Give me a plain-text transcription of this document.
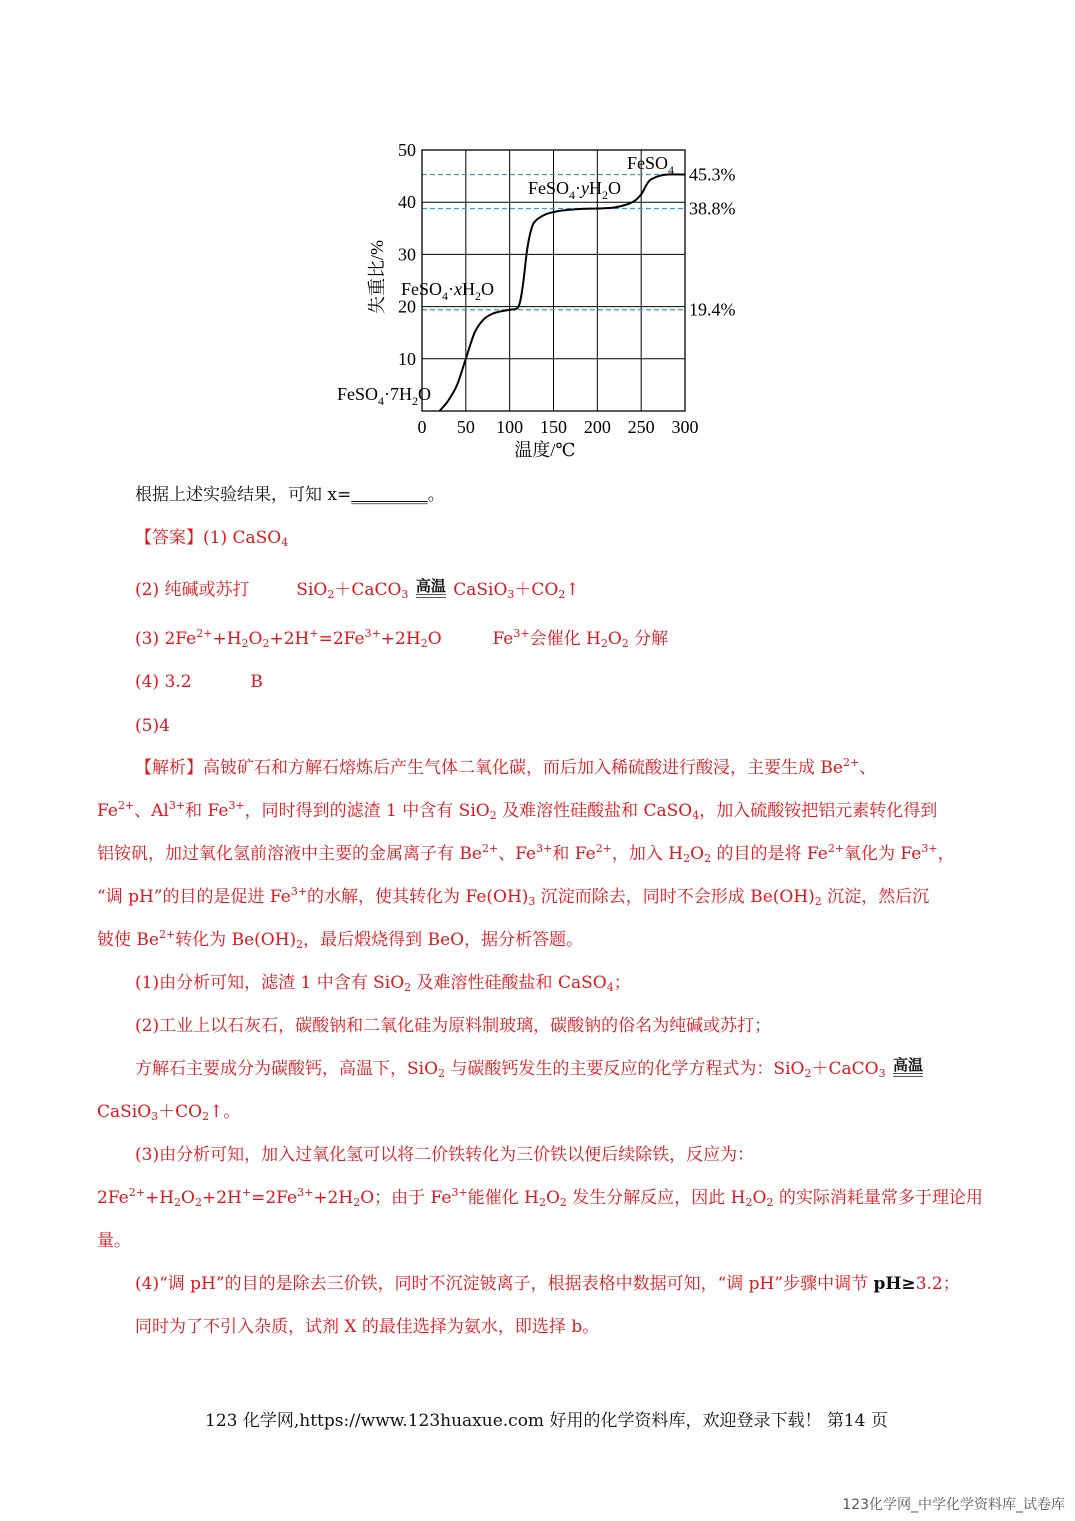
0 50 100 150 200 250 300
10
20
30
40
50
温度/℃
失重比/%
45.3%
38.8%
19.4%
FeSO$_4$
$FeSO_4\cdot yH_2O$
$FeSO_4\cdot xH_2O$
$FeSO_4\cdot 7H_2O$
根据上述实验结果，可知 x=_________。
【答案】(1) CaSO$_4$
(2) 纯碱或苏打	SiO$_2$＋CaCO$_3$ 高温 $CaSiO_3+CO_2↑$
(3) $2Fe^{2+}+H_2O_2+2H^+=2Fe^{3+}+2H_2O$	$Fe^{3+}$会催化 $H_2O_2$ 分解
(4) 3.2	B
(5)4
【解析】高铍矿石和方解石熔炼后产生气体二氧化碳，而后加入稀硫酸进行酸浸，主要生成 $Be^{2+}$、
$Fe^{2+}$、$Al^{3+}$和 $Fe^{3+}$，同时得到的滤渣 1 中含有 SiO$_2$ 及难溶性硅酸盐和 CaSO$_4$，加入硫酸铵把铝元素转化得到
铝铵矾，加过氧化氢前溶液中主要的金属离子有 $Be^{2+}$、$Fe^{3+}$和 $Fe^{2+}$，加入 $H_2O_2$ 的目的是将 $Fe^{2+}$氧化为 $Fe^{3+}$，
“调 pH”的目的是促进 $Fe^{3+}$的水解，使其转化为 $Fe(OH)_3$ 沉淀而除去，同时不会形成 $Be(OH)_2$ 沉淀，然后沉
铍使 $Be^{2+}$转化为 $Be(OH)_2$，最后煅烧得到 BeO，据分析答题。
(1)由分析可知，滤渣 1 中含有 SiO$_2$ 及难溶性硅酸盐和 CaSO$_4$；
(2)工业上以石灰石，碳酸钠和二氧化硅为原料制玻璃，碳酸钠的俗名为纯碱或苏打；
方解石主要成分为碳酸钙，高温下，SiO$_2$ 与碳酸钙发生的主要反应的化学方程式为：SiO$_2$＋CaCO$_3$ 高温
$CaSiO_3+CO_2↑$。
(3)由分析可知，加入过氧化氢可以将二价铁转化为三价铁以便后续除铁，反应为：
$2Fe^{2+}+H_2O_2+2H^+=2Fe^{3+}+2H_2O$；由于 $Fe^{3+}$能催化 $H_2O_2$ 发生分解反应，因此 $H_2O_2$ 的实际消耗量常多于理论用
量。
(4)“调 pH”的目的是除去三价铁，同时不沉淀铍离子，根据表格中数据可知，“调 pH”步骤中调节 pH≥3.2；
同时为了不引入杂质，试剂 X 的最佳选择为氨水，即选择 b。
123 化学网,https://www.123huaxue.com 好用的化学资料库，欢迎登录下载！ 第14 页
123化学网_中学化学资料库_试卷库
